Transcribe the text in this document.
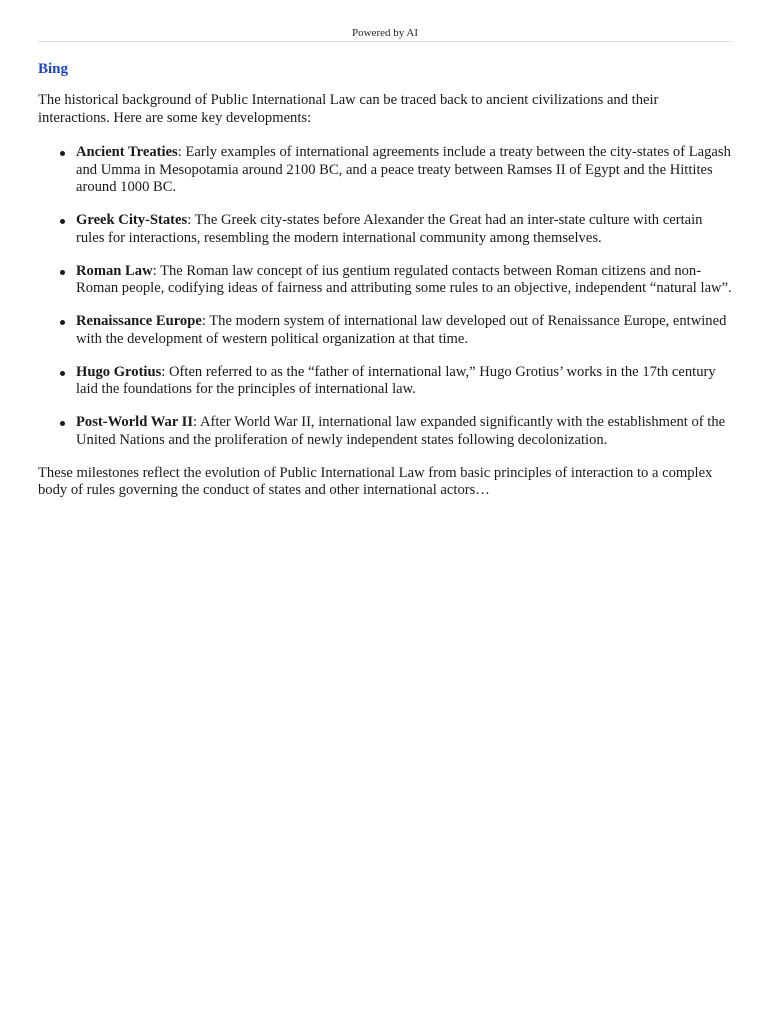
Powered by AI
Bing

The historical background of Public International Law can be traced back to ancient civilizations and their interactions. Here are some key developments:

Ancient Treaties: Early examples of international agreements include a treaty between the city-states of Lagash and Umma in Mesopotamia around 2100 BC, and a peace treaty between Ramses II of Egypt and the Hittites around 1000 BC.
Greek City-States: The Greek city-states before Alexander the Great had an inter-state culture with certain rules for interactions, resembling the modern international community among themselves.
Roman Law: The Roman law concept of ius gentium regulated contacts between Roman citizens and non-Roman people, codifying ideas of fairness and attributing some rules to an objective, independent “natural law”.
Renaissance Europe: The modern system of international law developed out of Renaissance Europe, entwined with the development of western political organization at that time.
Hugo Grotius: Often referred to as the “father of international law,” Hugo Grotius’ works in the 17th century laid the foundations for the principles of international law.
Post-World War II: After World War II, international law expanded significantly with the establishment of the United Nations and the proliferation of newly independent states following decolonization.

These milestones reflect the evolution of Public International Law from basic principles of interaction to a complex body of rules governing the conduct of states and other international actors…
